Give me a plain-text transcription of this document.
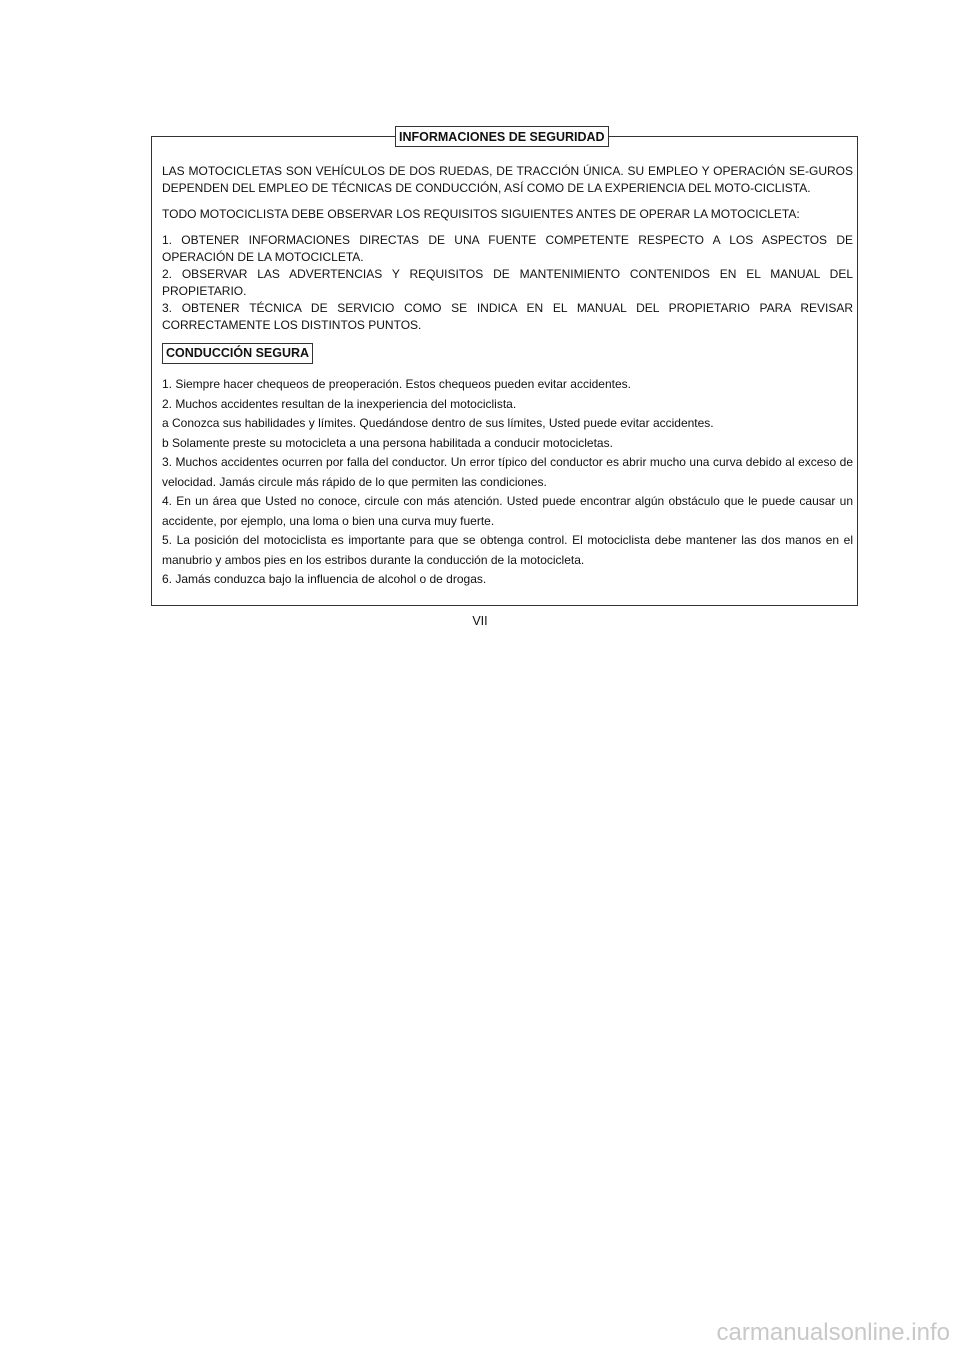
INFORMACIONES DE SEGURIDAD

LAS MOTOCICLETAS SON VEHÍCULOS DE DOS RUEDAS, DE TRACCIÓN ÚNICA. SU EMPLEO Y OPERACIÓN SE-GUROS DEPENDEN DEL EMPLEO DE TÉCNICAS DE CONDUCCIÓN, ASÍ COMO DE LA EXPERIENCIA DEL MOTO-CICLISTA.

TODO MOTOCICLISTA DEBE OBSERVAR LOS REQUISITOS SIGUIENTES ANTES DE OPERAR LA MOTOCICLETA:

1. OBTENER INFORMACIONES DIRECTAS DE UNA FUENTE COMPETENTE RESPECTO A LOS ASPECTOS DE OPERACIÓN DE LA MOTOCICLETA.

2. OBSERVAR LAS ADVERTENCIAS Y REQUISITOS DE MANTENIMIENTO CONTENIDOS EN EL MANUAL DEL PROPIETARIO.

3. OBTENER TÉCNICA DE SERVICIO COMO SE INDICA EN EL MANUAL DEL PROPIETARIO PARA REVISAR CORRECTAMENTE LOS DISTINTOS PUNTOS.

CONDUCCIÓN SEGURA

1. Siempre hacer chequeos de preoperación. Estos chequeos pueden evitar accidentes.

2. Muchos accidentes resultan de la inexperiencia del motociclista.

a Conozca sus habilidades y límites. Quedándose dentro de sus límites, Usted puede evitar accidentes.

b Solamente preste su motocicleta a una persona habilitada a conducir motocicletas.

3. Muchos accidentes ocurren por falla del conductor. Un error típico del conductor es abrir mucho una curva debido al exceso de velocidad. Jamás circule más rápido de lo que permiten las condiciones.

4. En un área que Usted no conoce, circule con más atención. Usted puede encontrar algún obstáculo que le puede causar un accidente, por ejemplo, una loma o bien una curva muy fuerte.

5. La posición del motociclista es importante para que se obtenga control. El motociclista debe mantener las dos manos en el manubrio y ambos pies en los estribos durante la conducción de la motocicleta.

6. Jamás conduzca bajo la influencia de alcohol o de drogas.

VII
carmanualsonline.info
